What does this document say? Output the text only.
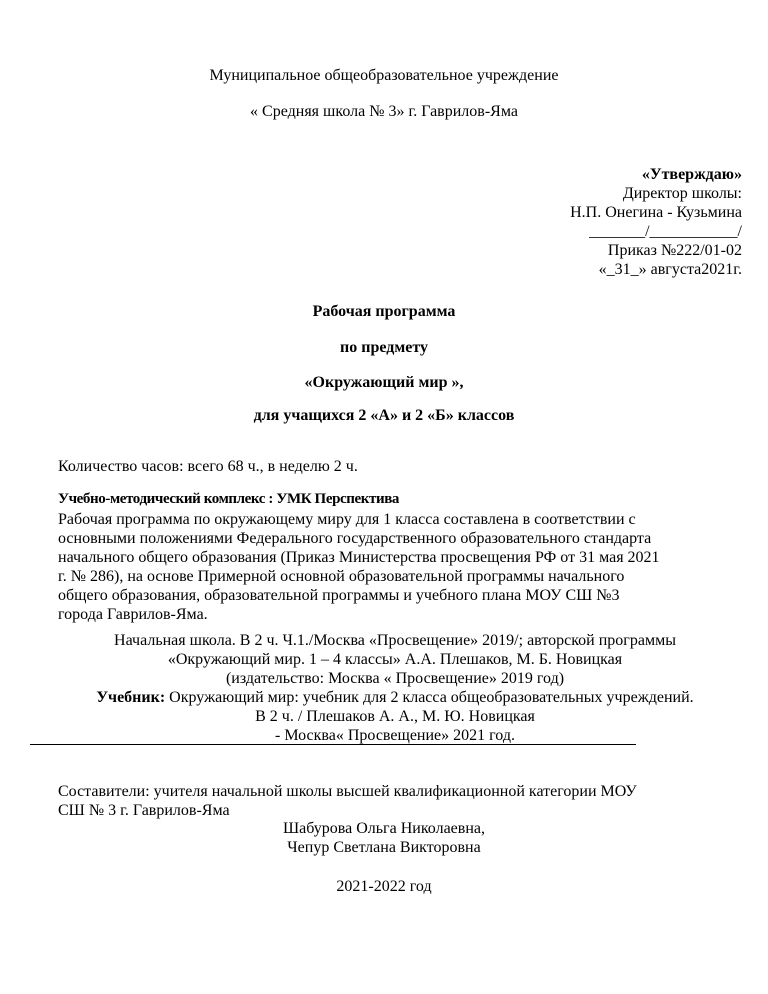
Муниципальное общеобразовательное учреждение
« Средняя школа № 3» г. Гаврилов-Яма
«Утверждаю»
Директор школы:
Н.П. Онегина - Кузьмина
_______/___________/
Приказ №222/01-02
«_31_» августа2021г.
Рабочая программа
по предмету
«Окружающий мир »,
для учащихся 2 «А» и 2 «Б» классов
Количество часов: всего 68 ч., в неделю 2 ч.
Учебно-методический комплекс : УМК Перспектива
Рабочая программа по окружающему миру для 1 класса составлена в соответствии с
основными положениями Федерального государственного образовательного стандарта
начального общего образования (Приказ Министерства просвещения РФ от 31 мая 2021
г. № 286), на основе Примерной основной образовательной программы начального
общего образования, образовательной программы и учебного плана МОУ СШ №3
города Гаврилов-Яма.
Начальная школа. В 2 ч. Ч.1./Москва «Просвещение» 2019/; авторской программы
«Окружающий мир. 1 – 4 классы» А.А. Плешаков, М. Б. Новицкая
(издательство: Москва « Просвещение» 2019 год)
Учебник: Окружающий мир: учебник для 2 класса общеобразовательных учреждений.
В 2 ч. / Плешаков А. А., М. Ю. Новицкая
- Москва« Просвещение» 2021 год.
Составители: учителя начальной школы высшей квалификационной категории МОУ
СШ № 3 г. Гаврилов-Яма
Шабурова Ольга Николаевна,
Чепур Светлана Викторовна
2021-2022 год
